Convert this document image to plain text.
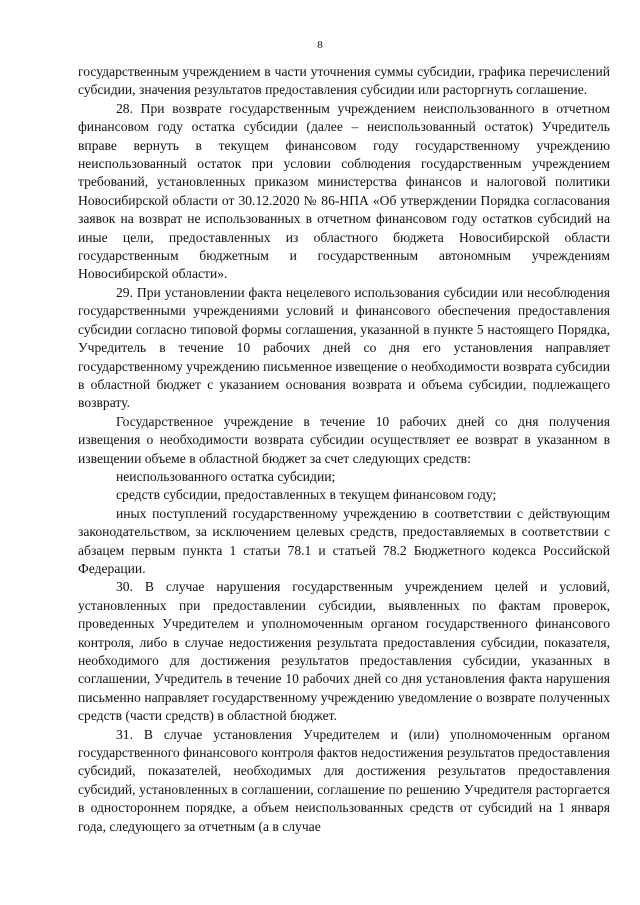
8

государственным учреждением в части уточнения суммы субсидии, графика перечислений субсидии, значения результатов предоставления субсидии или расторгнуть соглашение.

28. При возврате государственным учреждением неиспользованного в отчетном финансовом году остатка субсидии (далее – неиспользованный остаток) Учредитель вправе вернуть в текущем финансовом году государственному учреждению неиспользованный остаток при условии соблюдения государственным учреждением требований, установленных приказом министерства финансов и налоговой политики Новосибирской области от 30.12.2020 № 86-НПА «Об утверждении Порядка согласования заявок на возврат не использованных в отчетном финансовом году остатков субсидий на иные цели, предоставленных из областного бюджета Новосибирской области государственным бюджетным и государственным автономным учреждениям Новосибирской области».

29. При установлении факта нецелевого использования субсидии или несоблюдения государственными учреждениями условий и финансового обеспечения предоставления субсидии согласно типовой формы соглашения, указанной в пункте 5 настоящего Порядка, Учредитель в течение 10 рабочих дней со дня его установления направляет государственному учреждению письменное извещение о необходимости возврата субсидии в областной бюджет с указанием основания возврата и объема субсидии, подлежащего возврату.

Государственное учреждение в течение 10 рабочих дней со дня получения извещения о необходимости возврата субсидии осуществляет ее возврат в указанном в извещении объеме в областной бюджет за счет следующих средств:

неиспользованного остатка субсидии;

средств субсидии, предоставленных в текущем финансовом году;

иных поступлений государственному учреждению в соответствии с действующим законодательством, за исключением целевых средств, предоставляемых в соответствии с абзацем первым пункта 1 статьи 78.1 и статьей 78.2 Бюджетного кодекса Российской Федерации.

30. В случае нарушения государственным учреждением целей и условий, установленных при предоставлении субсидии, выявленных по фактам проверок, проведенных Учредителем и уполномоченным органом государственного финансового контроля, либо в случае недостижения результата предоставления субсидии, показателя, необходимого для достижения результатов предоставления субсидии, указанных в соглашении, Учредитель в течение 10 рабочих дней со дня установления факта нарушения письменно направляет государственному учреждению уведомление о возврате полученных средств (части средств) в областной бюджет.

31. В случае установления Учредителем и (или) уполномоченным органом государственного финансового контроля фактов недостижения результатов предоставления субсидий, показателей, необходимых для достижения результатов предоставления субсидий, установленных в соглашении, соглашение по решению Учредителя расторгается в одностороннем порядке, а объем неиспользованных средств от субсидий на 1 января года, следующего за отчетным (а в случае
